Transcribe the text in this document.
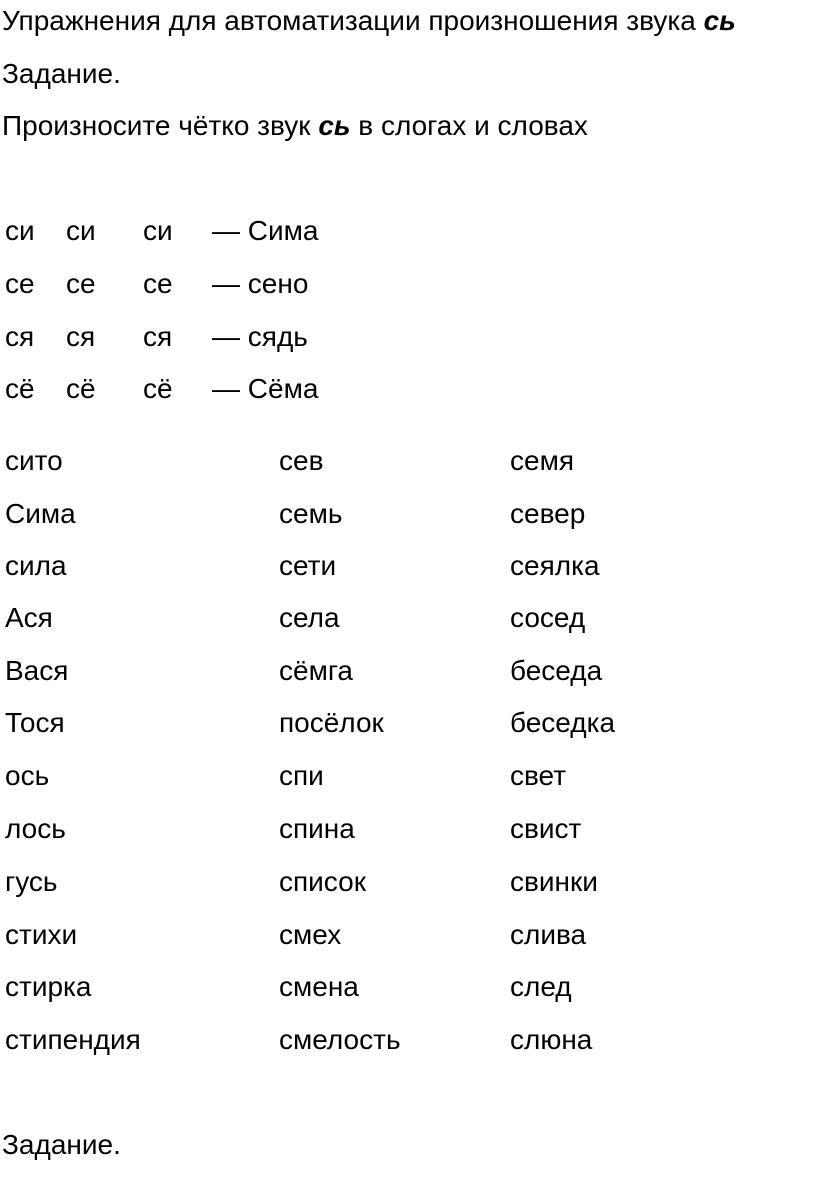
Упражнения для автоматизации произношения звука сь
Задание.
Произносите чётко звук сь в слогах и словах
си си си — Сима
се се се — сено
ся ся ся — сядь
сё сё сё — Сёма
сито	сев	семя
Сима	семь	север
сила	сети	сеялка
Ася	села	сосед
Вася	сёмга	беседа
Тося	посёлок	беседка
ось	спи	свет
лось	спина	свист
гусь	список	свинки
стихи	смех	слива
стирка	смена	след
стипендия	смелость	слюна
Задание.
